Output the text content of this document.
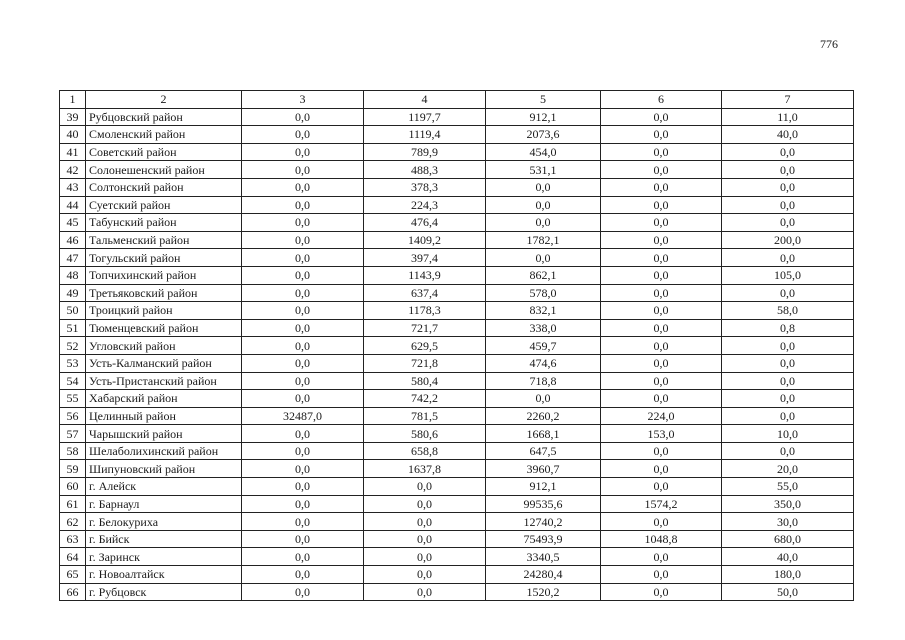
776
1	2	3	4	5	6	7
39	Рубцовский район	0,0	1197,7	912,1	0,0	11,0
40	Смоленский район	0,0	1119,4	2073,6	0,0	40,0
41	Советский район	0,0	789,9	454,0	0,0	0,0
42	Солонешенский район	0,0	488,3	531,1	0,0	0,0
43	Солтонский район	0,0	378,3	0,0	0,0	0,0
44	Суетский район	0,0	224,3	0,0	0,0	0,0
45	Табунский район	0,0	476,4	0,0	0,0	0,0
46	Тальменский район	0,0	1409,2	1782,1	0,0	200,0
47	Тогульский район	0,0	397,4	0,0	0,0	0,0
48	Топчихинский район	0,0	1143,9	862,1	0,0	105,0
49	Третьяковский район	0,0	637,4	578,0	0,0	0,0
50	Троицкий район	0,0	1178,3	832,1	0,0	58,0
51	Тюменцевский район	0,0	721,7	338,0	0,0	0,8
52	Угловский район	0,0	629,5	459,7	0,0	0,0
53	Усть-Калманский район	0,0	721,8	474,6	0,0	0,0
54	Усть-Пристанский район	0,0	580,4	718,8	0,0	0,0
55	Хабарский район	0,0	742,2	0,0	0,0	0,0
56	Целинный район	32487,0	781,5	2260,2	224,0	0,0
57	Чарышский район	0,0	580,6	1668,1	153,0	10,0
58	Шелаболихинский район	0,0	658,8	647,5	0,0	0,0
59	Шипуновский район	0,0	1637,8	3960,7	0,0	20,0
60	г. Алейск	0,0	0,0	912,1	0,0	55,0
61	г. Барнаул	0,0	0,0	99535,6	1574,2	350,0
62	г. Белокуриха	0,0	0,0	12740,2	0,0	30,0
63	г. Бийск	0,0	0,0	75493,9	1048,8	680,0
64	г. Заринск	0,0	0,0	3340,5	0,0	40,0
65	г. Новоалтайск	0,0	0,0	24280,4	0,0	180,0
66	г. Рубцовск	0,0	0,0	1520,2	0,0	50,0
